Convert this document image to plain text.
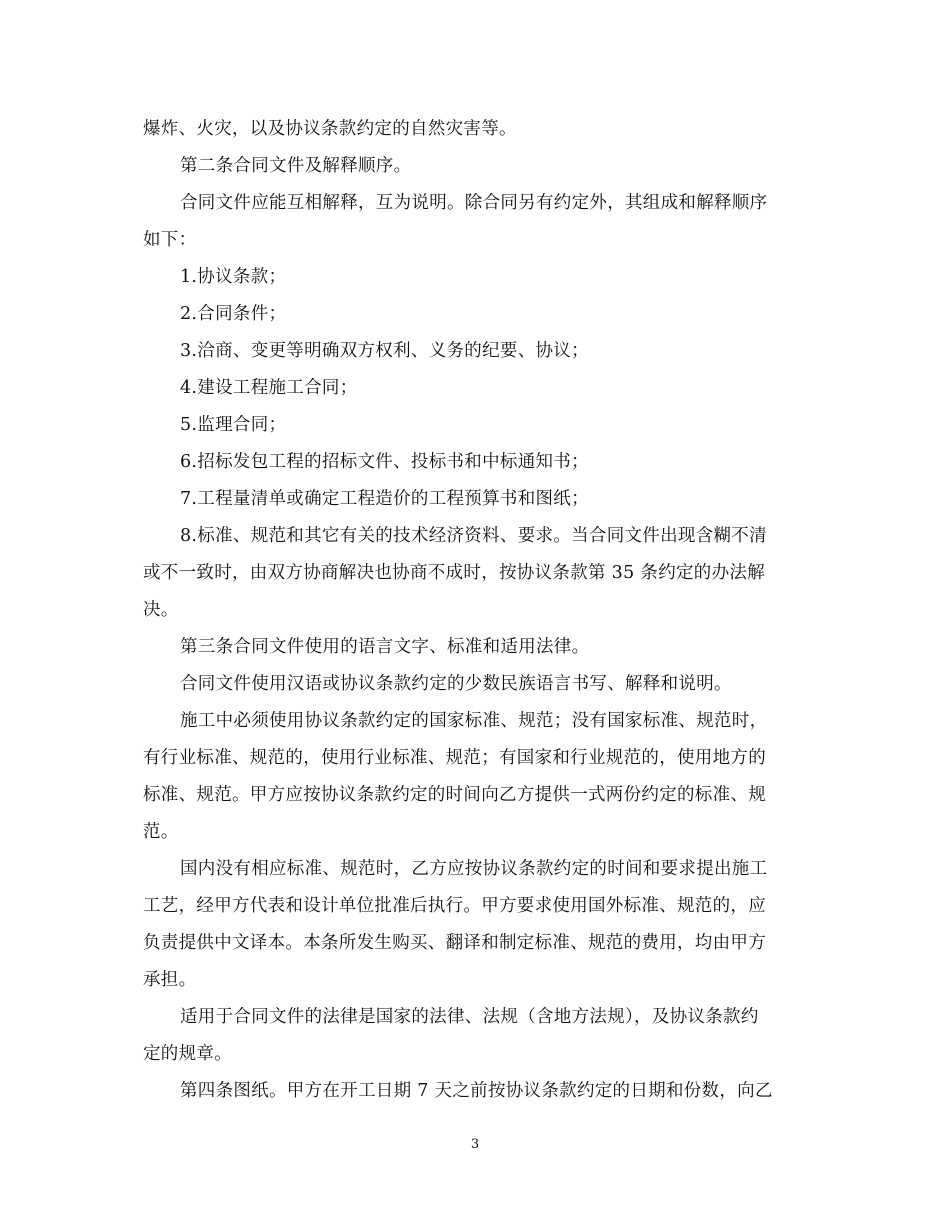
爆炸、火灾，以及协议条款约定的自然灾害等。
第二条合同文件及解释顺序。
合同文件应能互相解释，互为说明。除合同另有约定外，其组成和解释顺序
如下：
1.协议条款；
2.合同条件；
3.洽商、变更等明确双方权利、义务的纪要、协议；
4.建设工程施工合同；
5.监理合同；
6.招标发包工程的招标文件、投标书和中标通知书；
7.工程量清单或确定工程造价的工程预算书和图纸；
8.标准、规范和其它有关的技术经济资料、要求。当合同文件出现含糊不清
或不一致时，由双方协商解决也协商不成时，按协议条款第 35 条约定的办法解
决。
第三条合同文件使用的语言文字、标准和适用法律。
合同文件使用汉语或协议条款约定的少数民族语言书写、解释和说明。
施工中必须使用协议条款约定的国家标准、规范；没有国家标准、规范时，
有行业标准、规范的，使用行业标准、规范；有国家和行业规范的，使用地方的
标准、规范。甲方应按协议条款约定的时间向乙方提供一式两份约定的标准、规
范。
国内没有相应标准、规范时，乙方应按协议条款约定的时间和要求提出施工
工艺，经甲方代表和设计单位批准后执行。甲方要求使用国外标准、规范的，应
负责提供中文译本。本条所发生购买、翻译和制定标准、规范的费用，均由甲方
承担。
适用于合同文件的法律是国家的法律、法规（含地方法规），及协议条款约
定的规章。
第四条图纸。甲方在开工日期 7 天之前按协议条款约定的日期和份数，向乙
3
